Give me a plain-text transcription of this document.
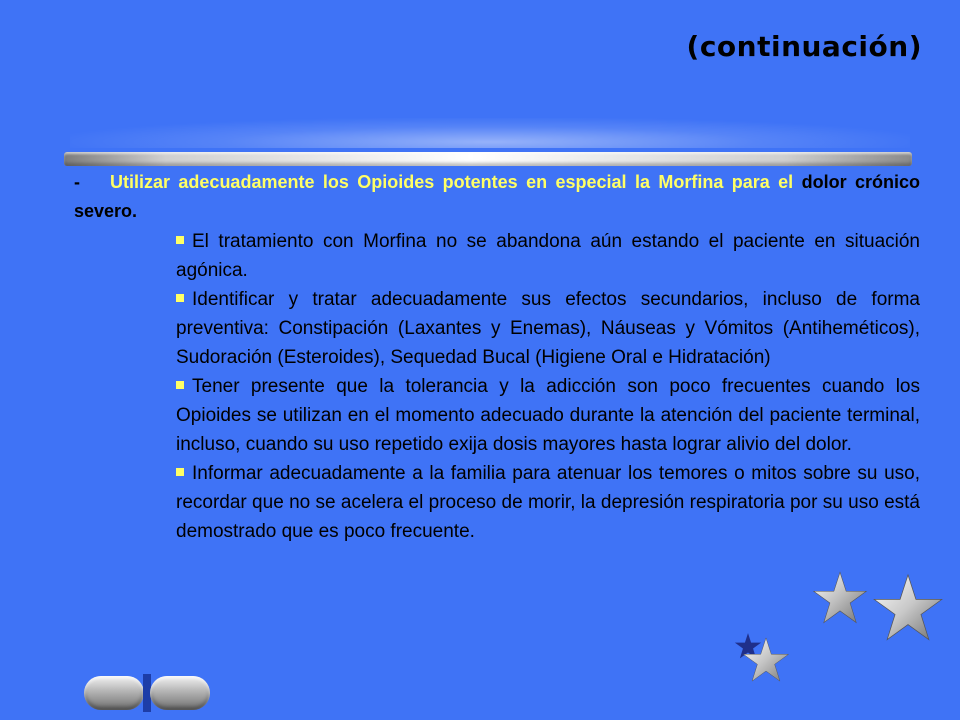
(continuación)

- Utilizar adecuadamente los Opioides potentes en especial la Morfina para el dolor crónico severo.

El tratamiento con Morfina no se abandona aún estando el paciente en situación agónica.
Identificar y tratar adecuadamente sus efectos secundarios, incluso de forma preventiva: Constipación (Laxantes y Enemas), Náuseas y Vómitos (Antiheméticos), Sudoración (Esteroides), Sequedad Bucal (Higiene Oral e Hidratación)
Tener presente que la tolerancia y la adicción son poco frecuentes cuando los Opioides se utilizan en el momento adecuado durante la atención del paciente terminal, incluso, cuando su uso repetido exija dosis mayores hasta lograr alivio del dolor.
Informar adecuadamente a la familia para atenuar los temores o mitos sobre su uso, recordar que no se acelera el proceso de morir, la depresión respiratoria por su uso está demostrado que es poco frecuente.
